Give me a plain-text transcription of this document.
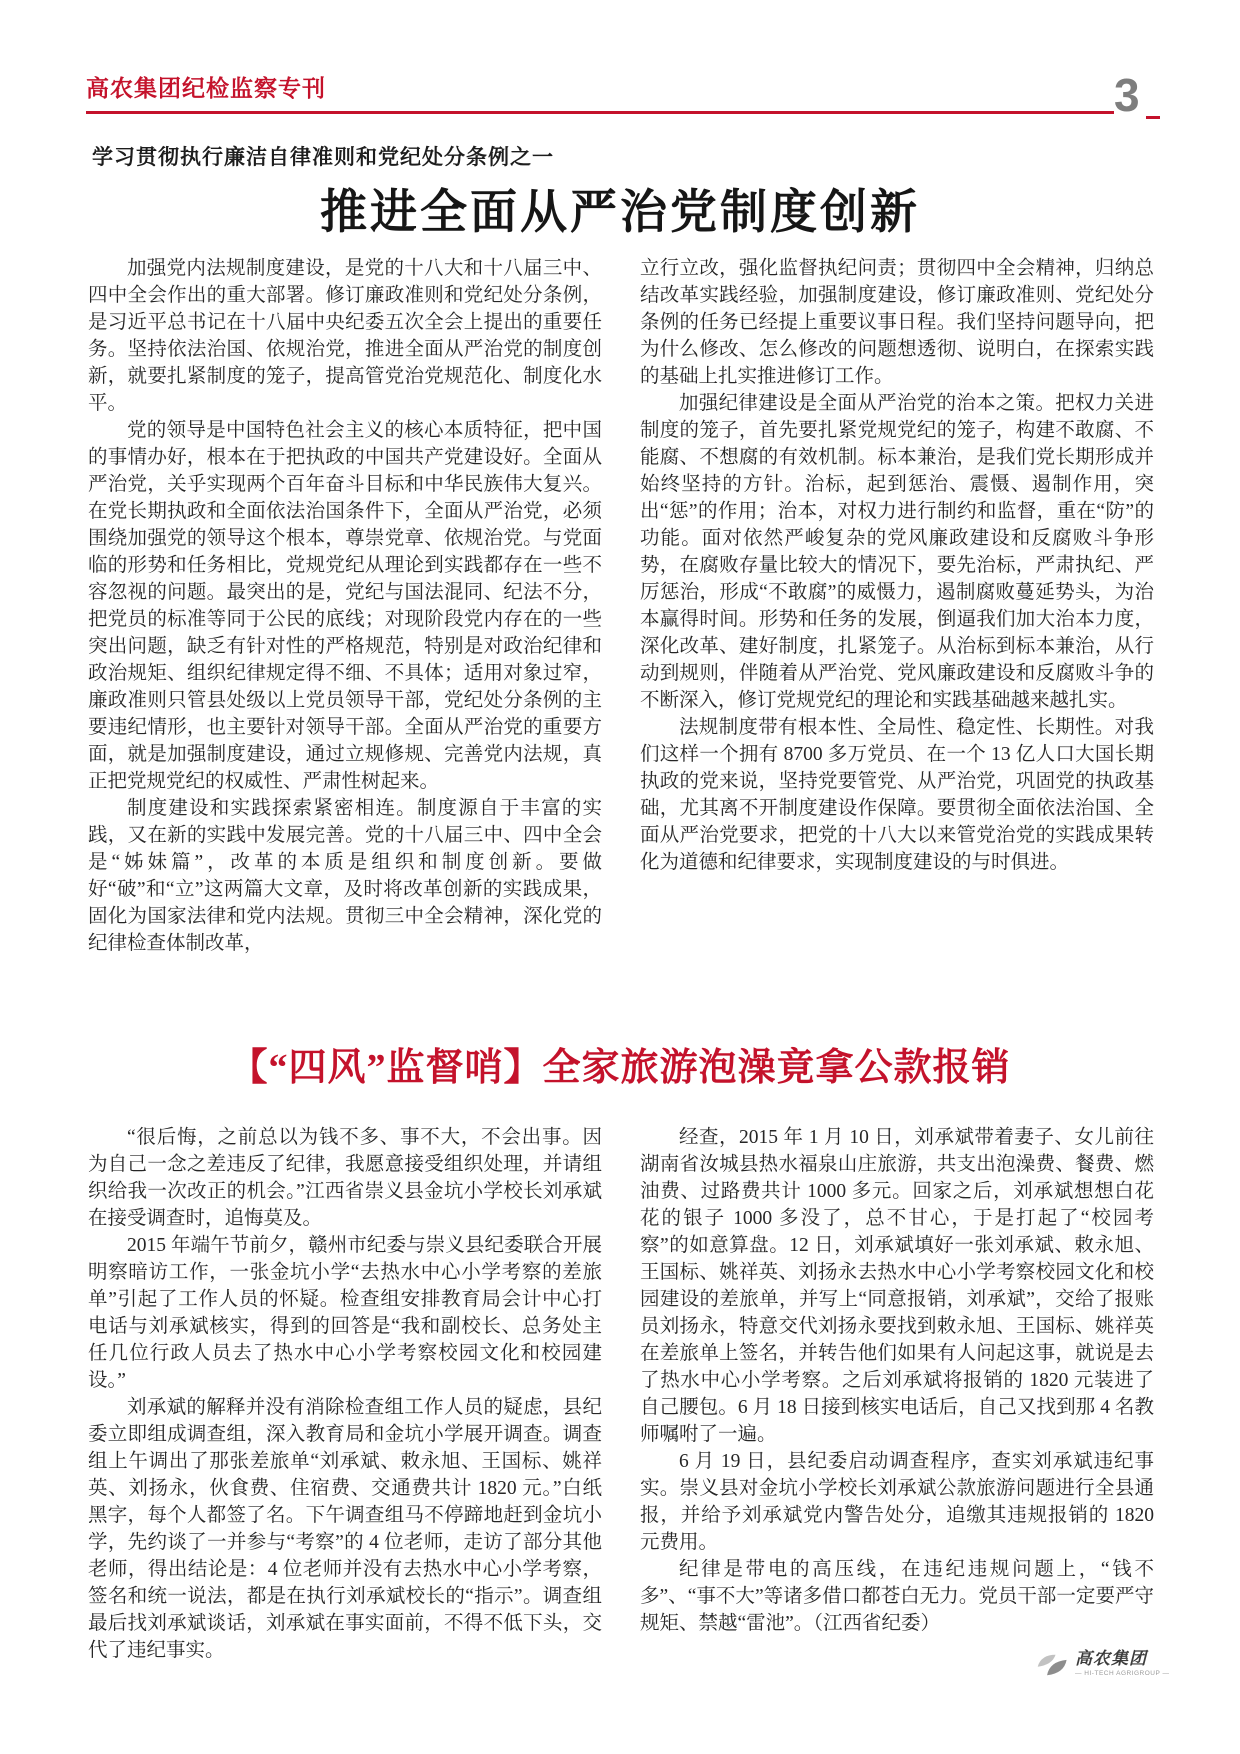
高农集团纪检监察专刊	3
学习贯彻执行廉洁自律准则和党纪处分条例之一
推进全面从严治党制度创新

加强党内法规制度建设，是党的十八大和十八届三中、四中全会作出的重大部署。修订廉政准则和党纪处分条例，是习近平总书记在十八届中央纪委五次全会上提出的重要任务。坚持依法治国、依规治党，推进全面从严治党的制度创新，就要扎紧制度的笼子，提高管党治党规范化、制度化水平。

党的领导是中国特色社会主义的核心本质特征，把中国的事情办好，根本在于把执政的中国共产党建设好。全面从严治党，关乎实现两个百年奋斗目标和中华民族伟大复兴。在党长期执政和全面依法治国条件下，全面从严治党，必须围绕加强党的领导这个根本，尊崇党章、依规治党。与党面临的形势和任务相比，党规党纪从理论到实践都存在一些不容忽视的问题。最突出的是，党纪与国法混同、纪法不分，把党员的标准等同于公民的底线；对现阶段党内存在的一些突出问题，缺乏有针对性的严格规范，特别是对政治纪律和政治规矩、组织纪律规定得不细、不具体；适用对象过窄，廉政准则只管县处级以上党员领导干部，党纪处分条例的主要违纪情形，也主要针对领导干部。全面从严治党的重要方面，就是加强制度建设，通过立规修规、完善党内法规，真正把党规党纪的权威性、严肃性树起来。

制度建设和实践探索紧密相连。制度源自于丰富的实践，又在新的实践中发展完善。党的十八届三中、四中全会是“姊妹篇”，改革的本质是组织和制度创新。要做好“破”和“立”这两篇大文章，及时将改革创新的实践成果，固化为国家法律和党内法规。贯彻三中全会精神，深化党的纪律检查体制改革，

立行立改，强化监督执纪问责；贯彻四中全会精神，归纳总结改革实践经验，加强制度建设，修订廉政准则、党纪处分条例的任务已经提上重要议事日程。我们坚持问题导向，把为什么修改、怎么修改的问题想透彻、说明白，在探索实践的基础上扎实推进修订工作。

加强纪律建设是全面从严治党的治本之策。把权力关进制度的笼子，首先要扎紧党规党纪的笼子，构建不敢腐、不能腐、不想腐的有效机制。标本兼治，是我们党长期形成并始终坚持的方针。治标，起到惩治、震慑、遏制作用，突出“惩”的作用；治本，对权力进行制约和监督，重在“防”的功能。面对依然严峻复杂的党风廉政建设和反腐败斗争形势，在腐败存量比较大的情况下，要先治标，严肃执纪、严厉惩治，形成“不敢腐”的威慑力，遏制腐败蔓延势头，为治本赢得时间。形势和任务的发展，倒逼我们加大治本力度，深化改革、建好制度，扎紧笼子。从治标到标本兼治，从行动到规则，伴随着从严治党、党风廉政建设和反腐败斗争的不断深入，修订党规党纪的理论和实践基础越来越扎实。

法规制度带有根本性、全局性、稳定性、长期性。对我们这样一个拥有 8700 多万党员、在一个 13 亿人口大国长期执政的党来说，坚持党要管党、从严治党，巩固党的执政基础，尤其离不开制度建设作保障。要贯彻全面依法治国、全面从严治党要求，把党的十八大以来管党治党的实践成果转化为道德和纪律要求，实现制度建设的与时俱进。

【“四风”监督哨】全家旅游泡澡竟拿公款报销

“很后悔，之前总以为钱不多、事不大，不会出事。因为自己一念之差违反了纪律，我愿意接受组织处理，并请组织给我一次改正的机会。”江西省崇义县金坑小学校长刘承斌在接受调查时，追悔莫及。

2015 年端午节前夕，赣州市纪委与崇义县纪委联合开展明察暗访工作，一张金坑小学“去热水中心小学考察的差旅单”引起了工作人员的怀疑。检查组安排教育局会计中心打电话与刘承斌核实，得到的回答是“我和副校长、总务处主任几位行政人员去了热水中心小学考察校园文化和校园建设。”

刘承斌的解释并没有消除检查组工作人员的疑虑，县纪委立即组成调查组，深入教育局和金坑小学展开调查。调查组上午调出了那张差旅单“刘承斌、敕永旭、王国标、姚祥英、刘扬永，伙食费、住宿费、交通费共计 1820 元。”白纸黑字，每个人都签了名。下午调查组马不停蹄地赶到金坑小学，先约谈了一并参与“考察”的 4 位老师，走访了部分其他老师，得出结论是：4 位老师并没有去热水中心小学考察，签名和统一说法，都是在执行刘承斌校长的“指示”。调查组最后找刘承斌谈话，刘承斌在事实面前，不得不低下头，交代了违纪事实。

经查，2015 年 1 月 10 日，刘承斌带着妻子、女儿前往湖南省汝城县热水福泉山庄旅游，共支出泡澡费、餐费、燃油费、过路费共计 1000 多元。回家之后，刘承斌想想白花花的银子 1000 多没了，总不甘心，于是打起了“校园考察”的如意算盘。12 日，刘承斌填好一张刘承斌、敕永旭、王国标、姚祥英、刘扬永去热水中心小学考察校园文化和校园建设的差旅单，并写上“同意报销，刘承斌”，交给了报账员刘扬永，特意交代刘扬永要找到敕永旭、王国标、姚祥英在差旅单上签名，并转告他们如果有人问起这事，就说是去了热水中心小学考察。之后刘承斌将报销的 1820 元装进了自己腰包。6 月 18 日接到核实电话后，自己又找到那 4 名教师嘱咐了一遍。

6 月 19 日，县纪委启动调查程序，查实刘承斌违纪事实。崇义县对金坑小学校长刘承斌公款旅游问题进行全县通报，并给予刘承斌党内警告处分，追缴其违规报销的 1820 元费用。

纪律是带电的高压线，在违纪违规问题上，“钱不多”、“事不大”等诸多借口都苍白无力。党员干部一定要严守规矩、禁越“雷池”。（江西省纪委）

高农集团
— HI-TECH AGRIGROUP —
